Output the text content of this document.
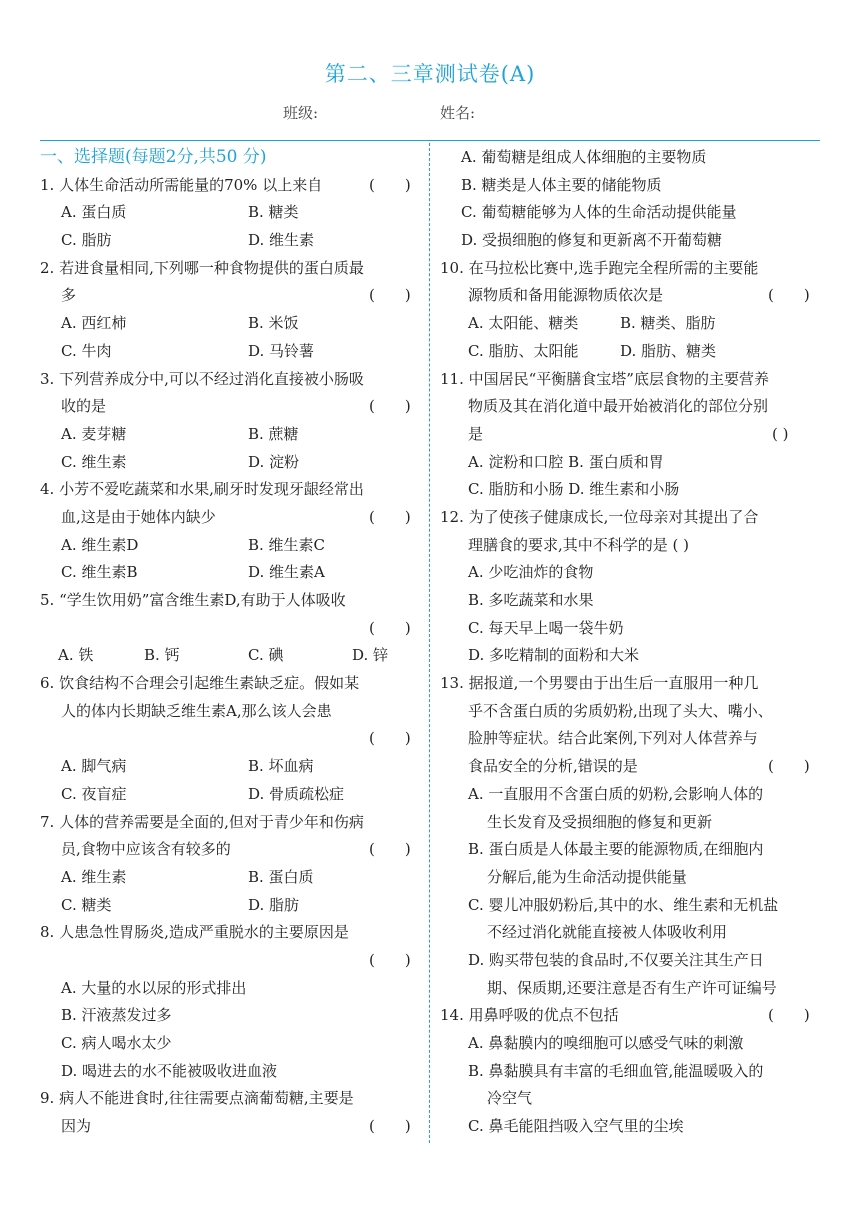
第二、三章测试卷(A)
班级:	姓名:
一、选择题(每题2分,共50 分)
1. 人体生命活动所需能量的70% 以上来自	(　　)
A. 蛋白质	B. 糖类
C. 脂肪	D. 维生素
2. 若进食量相同,下列哪一种食物提供的蛋白质最
多	(　　)
A. 西红柿	B. 米饭
C. 牛肉	D. 马铃薯
3. 下列营养成分中,可以不经过消化直接被小肠吸
收的是	(　　)
A. 麦芽糖	B. 蔗糖
C. 维生素	D. 淀粉
4. 小芳不爱吃蔬菜和水果,刷牙时发现牙龈经常出
血,这是由于她体内缺少	(　　)
A. 维生素D	B. 维生素C
C. 维生素B	D. 维生素A
5. “学生饮用奶”富含维生素D,有助于人体吸收
(　　)
A. 铁	B. 钙	C. 碘	D. 锌
6. 饮食结构不合理会引起维生素缺乏症。假如某
人的体内长期缺乏维生素A,那么该人会患
(　　)
A. 脚气病	B. 坏血病
C. 夜盲症	D. 骨质疏松症
7. 人体的营养需要是全面的,但对于青少年和伤病
员,食物中应该含有较多的	(　　)
A. 维生素	B. 蛋白质
C. 糖类	D. 脂肪
8. 人患急性胃肠炎,造成严重脱水的主要原因是
(　　)
A. 大量的水以尿的形式排出
B. 汗液蒸发过多
C. 病人喝水太少
D. 喝进去的水不能被吸收进血液
9. 病人不能进食时,往往需要点滴葡萄糖,主要是
因为	(　　)
A. 葡萄糖是组成人体细胞的主要物质
B. 糖类是人体主要的储能物质
C. 葡萄糖能够为人体的生命活动提供能量
D. 受损细胞的修复和更新离不开葡萄糖
10. 在马拉松比赛中,选手跑完全程所需的主要能
源物质和备用能源物质依次是	(　　)
A. 太阳能、糖类	B. 糖类、脂肪
C. 脂肪、太阳能	D. 脂肪、糖类
11. 中国居民“平衡膳食宝塔”底层食物的主要营养
物质及其在消化道中最开始被消化的部位分别
是	( )
A. 淀粉和口腔 B. 蛋白质和胃
C. 脂肪和小肠 D. 维生素和小肠
12. 为了使孩子健康成长,一位母亲对其提出了合
理膳食的要求,其中不科学的是 ( )
A. 少吃油炸的食物
B. 多吃蔬菜和水果
C. 每天早上喝一袋牛奶
D. 多吃精制的面粉和大米
13. 据报道,一个男婴由于出生后一直服用一种几
乎不含蛋白质的劣质奶粉,出现了头大、嘴小、
脸肿等症状。结合此案例,下列对人体营养与
食品安全的分析,错误的是	(　　)
A. 一直服用不含蛋白质的奶粉,会影响人体的
生长发育及受损细胞的修复和更新
B. 蛋白质是人体最主要的能源物质,在细胞内
分解后,能为生命活动提供能量
C. 婴儿冲服奶粉后,其中的水、维生素和无机盐
不经过消化就能直接被人体吸收利用
D. 购买带包装的食品时,不仅要关注其生产日
期、保质期,还要注意是否有生产许可证编号
14. 用鼻呼吸的优点不包括	(　　)
A. 鼻黏膜内的嗅细胞可以感受气味的刺激
B. 鼻黏膜具有丰富的毛细血管,能温暖吸入的
冷空气
C. 鼻毛能阻挡吸入空气里的尘埃
